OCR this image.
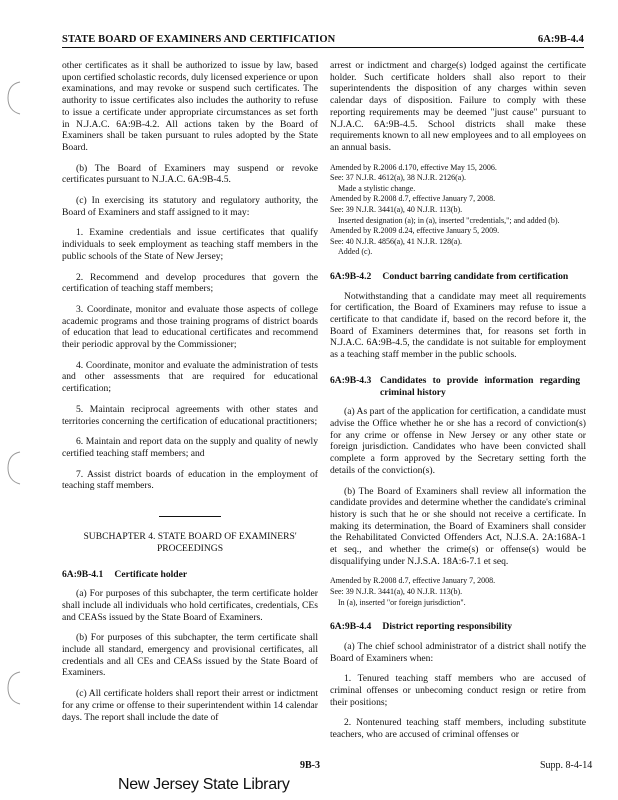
STATE BOARD OF EXAMINERS AND CERTIFICATION	6A:9B-4.4

other certificates as it shall be authorized to issue by law, based upon certified scholastic records, duly licensed experience or upon examinations, and may revoke or suspend such certificates. The authority to issue certificates also includes the authority to refuse to issue a certificate under appropriate circumstances as set forth in N.J.A.C. 6A:9B-4.2. All actions taken by the Board of Examiners shall be taken pursuant to rules adopted by the State Board.

(b) The Board of Examiners may suspend or revoke certificates pursuant to N.J.A.C. 6A:9B-4.5.

(c) In exercising its statutory and regulatory authority, the Board of Examiners and staff assigned to it may:

1. Examine credentials and issue certificates that qualify individuals to seek employment as teaching staff members in the public schools of the State of New Jersey;

2. Recommend and develop procedures that govern the certification of teaching staff members;

3. Coordinate, monitor and evaluate those aspects of college academic programs and those training programs of district boards of education that lead to educational certificates and recommend their periodic approval by the Commissioner;

4. Coordinate, monitor and evaluate the administration of tests and other assessments that are required for educational certification;

5. Maintain reciprocal agreements with other states and territories concerning the certification of educational practitioners;

6. Maintain and report data on the supply and quality of newly certified teaching staff members; and

7. Assist district boards of education in the employment of teaching staff members.

SUBCHAPTER 4. STATE BOARD OF EXAMINERS'
PROCEEDINGS
6A:9B-4.1 Certificate holder

(a) For purposes of this subchapter, the term certificate holder shall include all individuals who hold certificates, credentials, CEs and CEASs issued by the State Board of Examiners.

(b) For purposes of this subchapter, the term certificate shall include all standard, emergency and provisional certificates, all credentials and all CEs and CEASs issued by the State Board of Examiners.

(c) All certificate holders shall report their arrest or indictment for any crime or offense to their superintendent within 14 calendar days. The report shall include the date of

arrest or indictment and charge(s) lodged against the certificate holder. Such certificate holders shall also report to their superintendents the disposition of any charges within seven calendar days of disposition. Failure to comply with these reporting requirements may be deemed "just cause" pursuant to N.J.A.C. 6A:9B-4.5. School districts shall make these requirements known to all new employees and to all employees on an annual basis.

Amended by R.2006 d.170, effective May 15, 2006.

See: 37 N.J.R. 4612(a), 38 N.J.R. 2126(a).

Made a stylistic change.

Amended by R.2008 d.7, effective January 7, 2008.

See: 39 N.J.R. 3441(a), 40 N.J.R. 113(b).

Inserted designation (a); in (a), inserted "credentials,"; and added (b).

Amended by R.2009 d.24, effective January 5, 2009.

See: 40 N.J.R. 4856(a), 41 N.J.R. 128(a).

Added (c).

6A:9B-4.2 Conduct barring candidate from certification

Notwithstanding that a candidate may meet all requirements for certification, the Board of Examiners may refuse to issue a certificate to that candidate if, based on the record before it, the Board of Examiners determines that, for reasons set forth in N.J.A.C. 6A:9B-4.5, the candidate is not suitable for employment as a teaching staff member in the public schools.

6A:9B-4.3 Candidates to provide information regarding criminal history

(a) As part of the application for certification, a candidate must advise the Office whether he or she has a record of conviction(s) for any crime or offense in New Jersey or any other state or foreign jurisdiction. Candidates who have been convicted shall complete a form approved by the Secretary setting forth the details of the conviction(s).

(b) The Board of Examiners shall review all information the candidate provides and determine whether the candidate's criminal history is such that he or she should not receive a certificate. In making its determination, the Board of Examiners shall consider the Rehabilitated Convicted Offenders Act, N.J.S.A. 2A:168A-1 et seq., and whether the crime(s) or offense(s) would be disqualifying under N.J.S.A. 18A:6-7.1 et seq.

Amended by R.2008 d.7, effective January 7, 2008.

See: 39 N.J.R. 3441(a), 40 N.J.R. 113(b).

In (a), inserted "or foreign jurisdiction".

6A:9B-4.4 District reporting responsibility

(a) The chief school administrator of a district shall notify the Board of Examiners when:

1. Tenured teaching staff members who are accused of criminal offenses or unbecoming conduct resign or retire from their positions;

2. Nontenured teaching staff members, including substitute teachers, who are accused of criminal offenses or

9B-3	Supp. 8-4-14
New Jersey State Library
